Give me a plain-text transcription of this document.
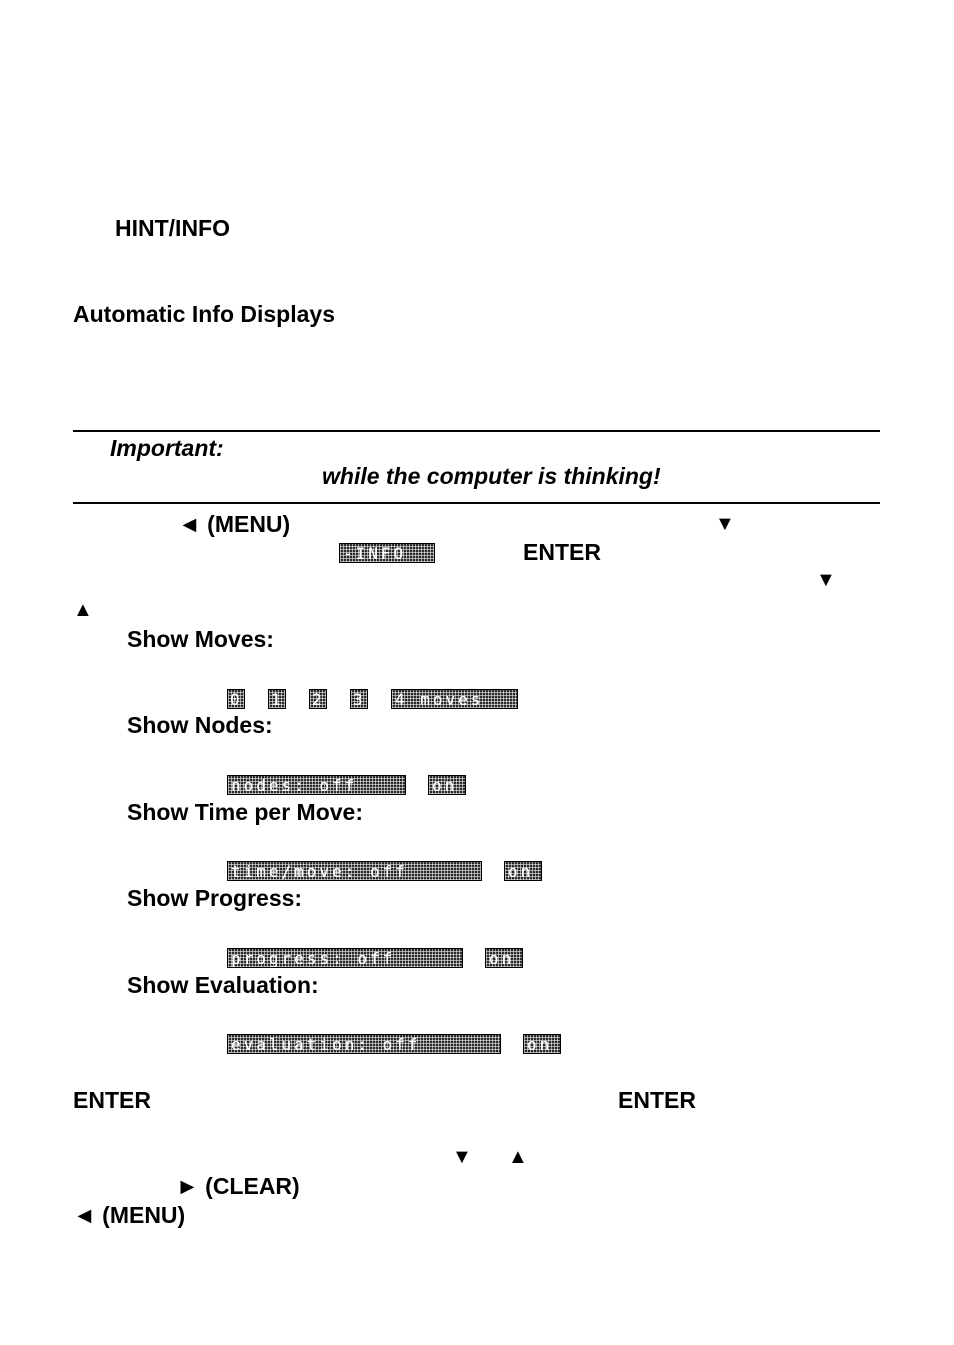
HINT/INFO
Automatic Info Displays
Important:
while the computer is thinking!
◄ (MENU)	▼
-INFO	ENTER
▼
▲
Show Moves:
0 1 2 3 4 moves
Show Nodes:
nodes: off	on
Show Time per Move:
time/move: off	on
Show Progress:
progress: off	on
Show Evaluation:
evaluation: off	on
ENTER	ENTER
▼ ▲
► (CLEAR)
◄ (MENU)
